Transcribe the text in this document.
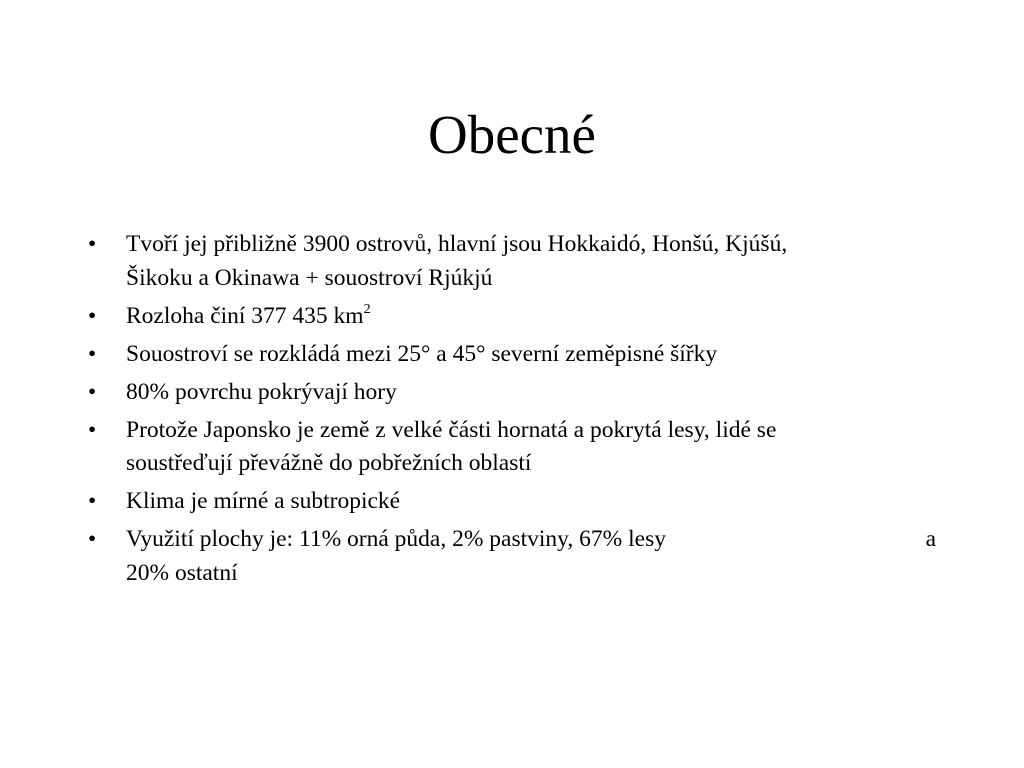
Obecné
•	Tvoří jej přibližně 3900 ostrovů, hlavní jsou Hokkaidó, Honšú, Kjúšú,
Šikoku a Okinawa + souostroví Rjúkjú
•	Rozloha činí 377 435 $km^2$
•	Souostroví se rozkládá mezi 25° a 45° severní zeměpisné šířky
•	80% povrchu pokrývají hory
•	Protože Japonsko je země z velké části hornatá a pokrytá lesy, lidé se
soustřeďují převážně do pobřežních oblastí
•	Klima je mírné a subtropické
•	Využití plochy je: 11% orná půda, 2% pastviny, 67% lesy	a
20% ostatní
